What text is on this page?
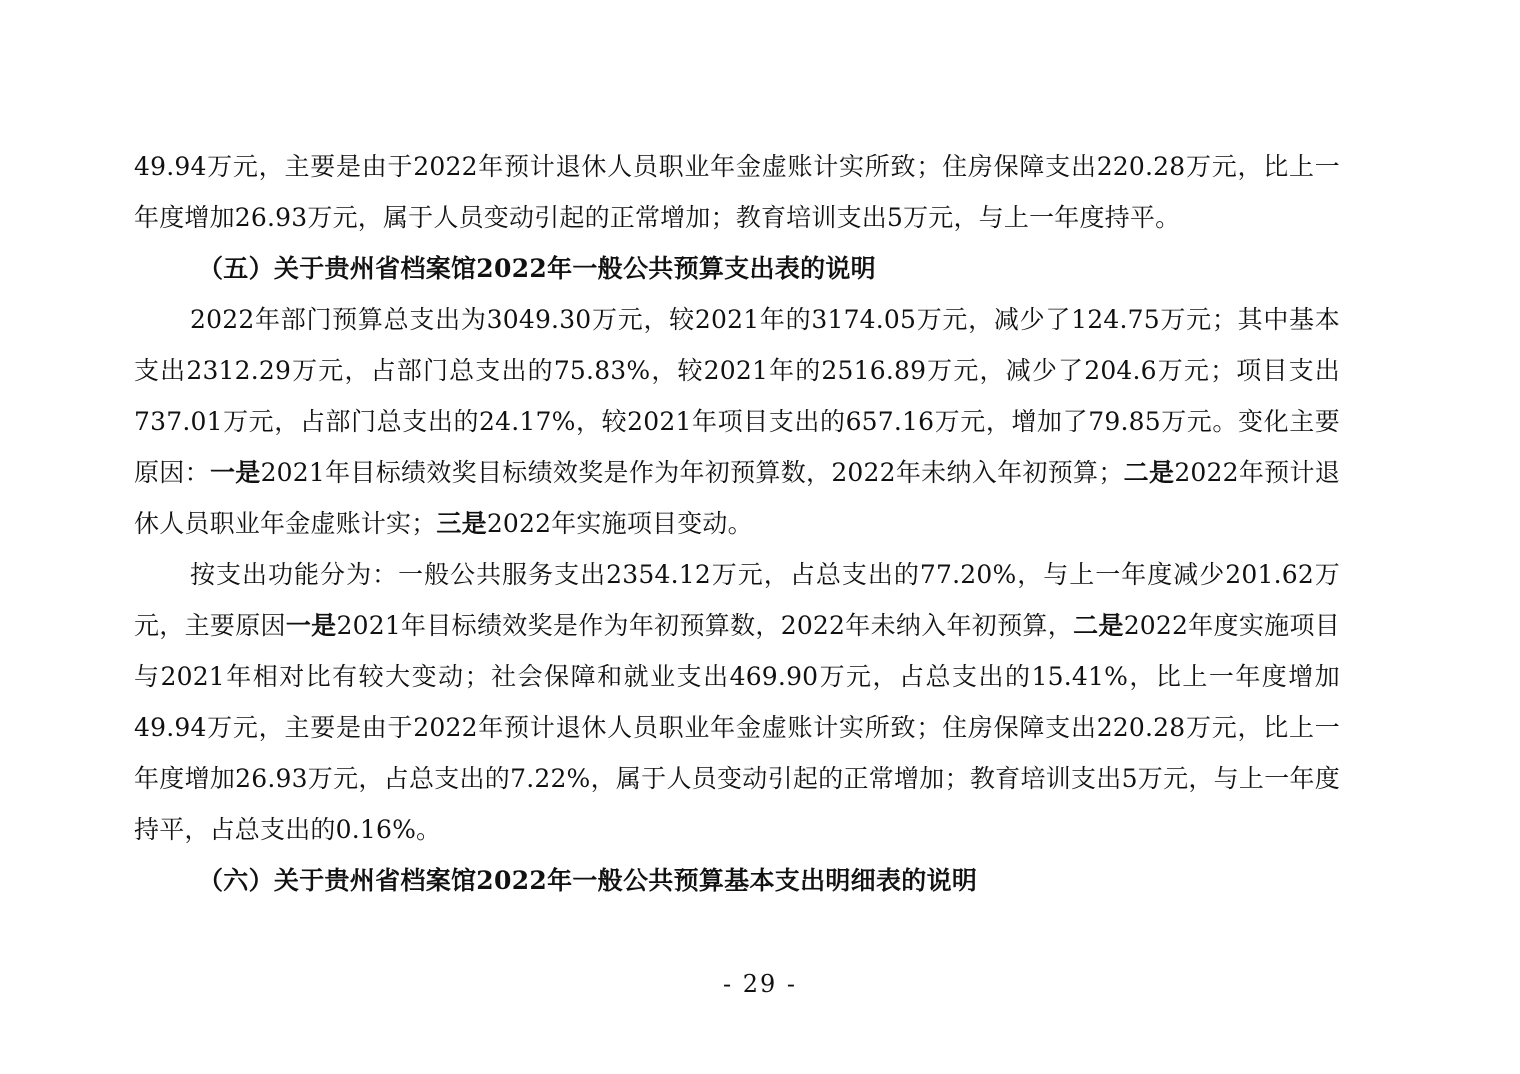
49.94万元，主要是由于2022年预计退休人员职业年金虚账计实所致；住房保障支出220.28万元，比上一年度增加26.93万元，属于人员变动引起的正常增加；教育培训支出5万元，与上一年度持平。

（五）关于贵州省档案馆2022年一般公共预算支出表的说明

2022年部门预算总支出为3049.30万元，较2021年的3174.05万元，减少了124.75万元；其中基本支出2312.29万元，占部门总支出的75.83%，较2021年的2516.89万元，减少了204.6万元；项目支出737.01万元，占部门总支出的24.17%，较2021年项目支出的657.16万元，增加了79.85万元。变化主要原因：一是2021年目标绩效奖目标绩效奖是作为年初预算数，2022年未纳入年初预算；二是2022年预计退休人员职业年金虚账计实；三是2022年实施项目变动。

按支出功能分为：一般公共服务支出2354.12万元，占总支出的77.20%，与上一年度减少201.62万元，主要原因一是2021年目标绩效奖是作为年初预算数，2022年未纳入年初预算，二是2022年度实施项目与2021年相对比有较大变动；社会保障和就业支出469.90万元，占总支出的15.41%，比上一年度增加49.94万元，主要是由于2022年预计退休人员职业年金虚账计实所致；住房保障支出220.28万元，比上一年度增加26.93万元，占总支出的7.22%，属于人员变动引起的正常增加；教育培训支出5万元，与上一年度持平，占总支出的0.16%。

（六）关于贵州省档案馆2022年一般公共预算基本支出明细表的说明

- 29 -
